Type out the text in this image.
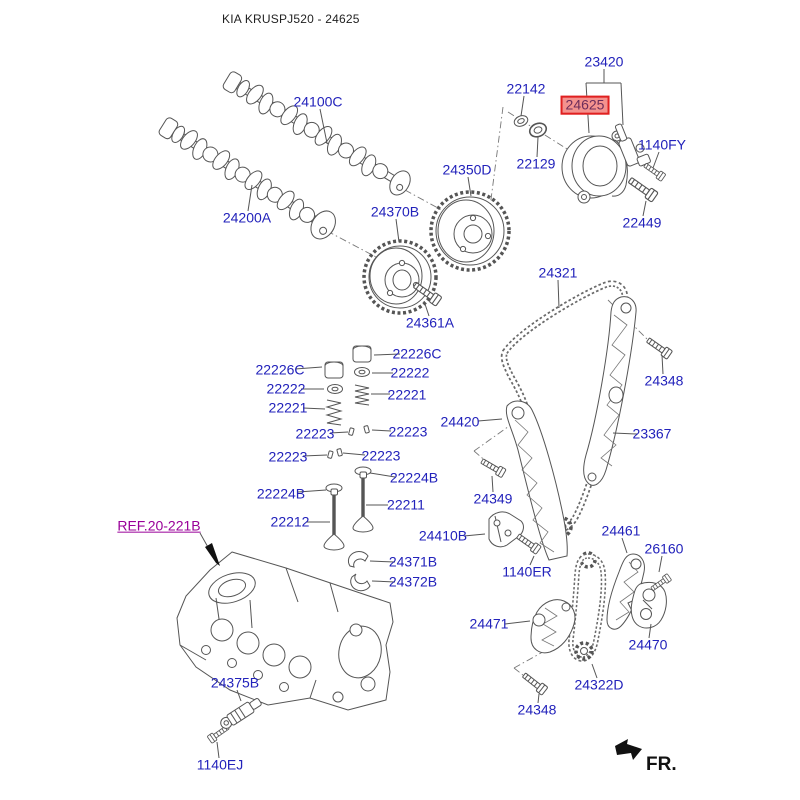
KIA KRUSPJ520 - 24625
24100C
24200A	24370B
24350D
24361A
23420
22142
24625
22129
1140FY
22449
24321
24348
23367
24420
24349
24410B
1140ER
22226C
22226C
22222
22222
22221
22221
22223	22223
22223	22223
22224B
22224B
22211
22212
REF.20-221B
24371B
24372B
24375B
1140EJ
24461
26160
24471
24470
24322D
24348
FR.
